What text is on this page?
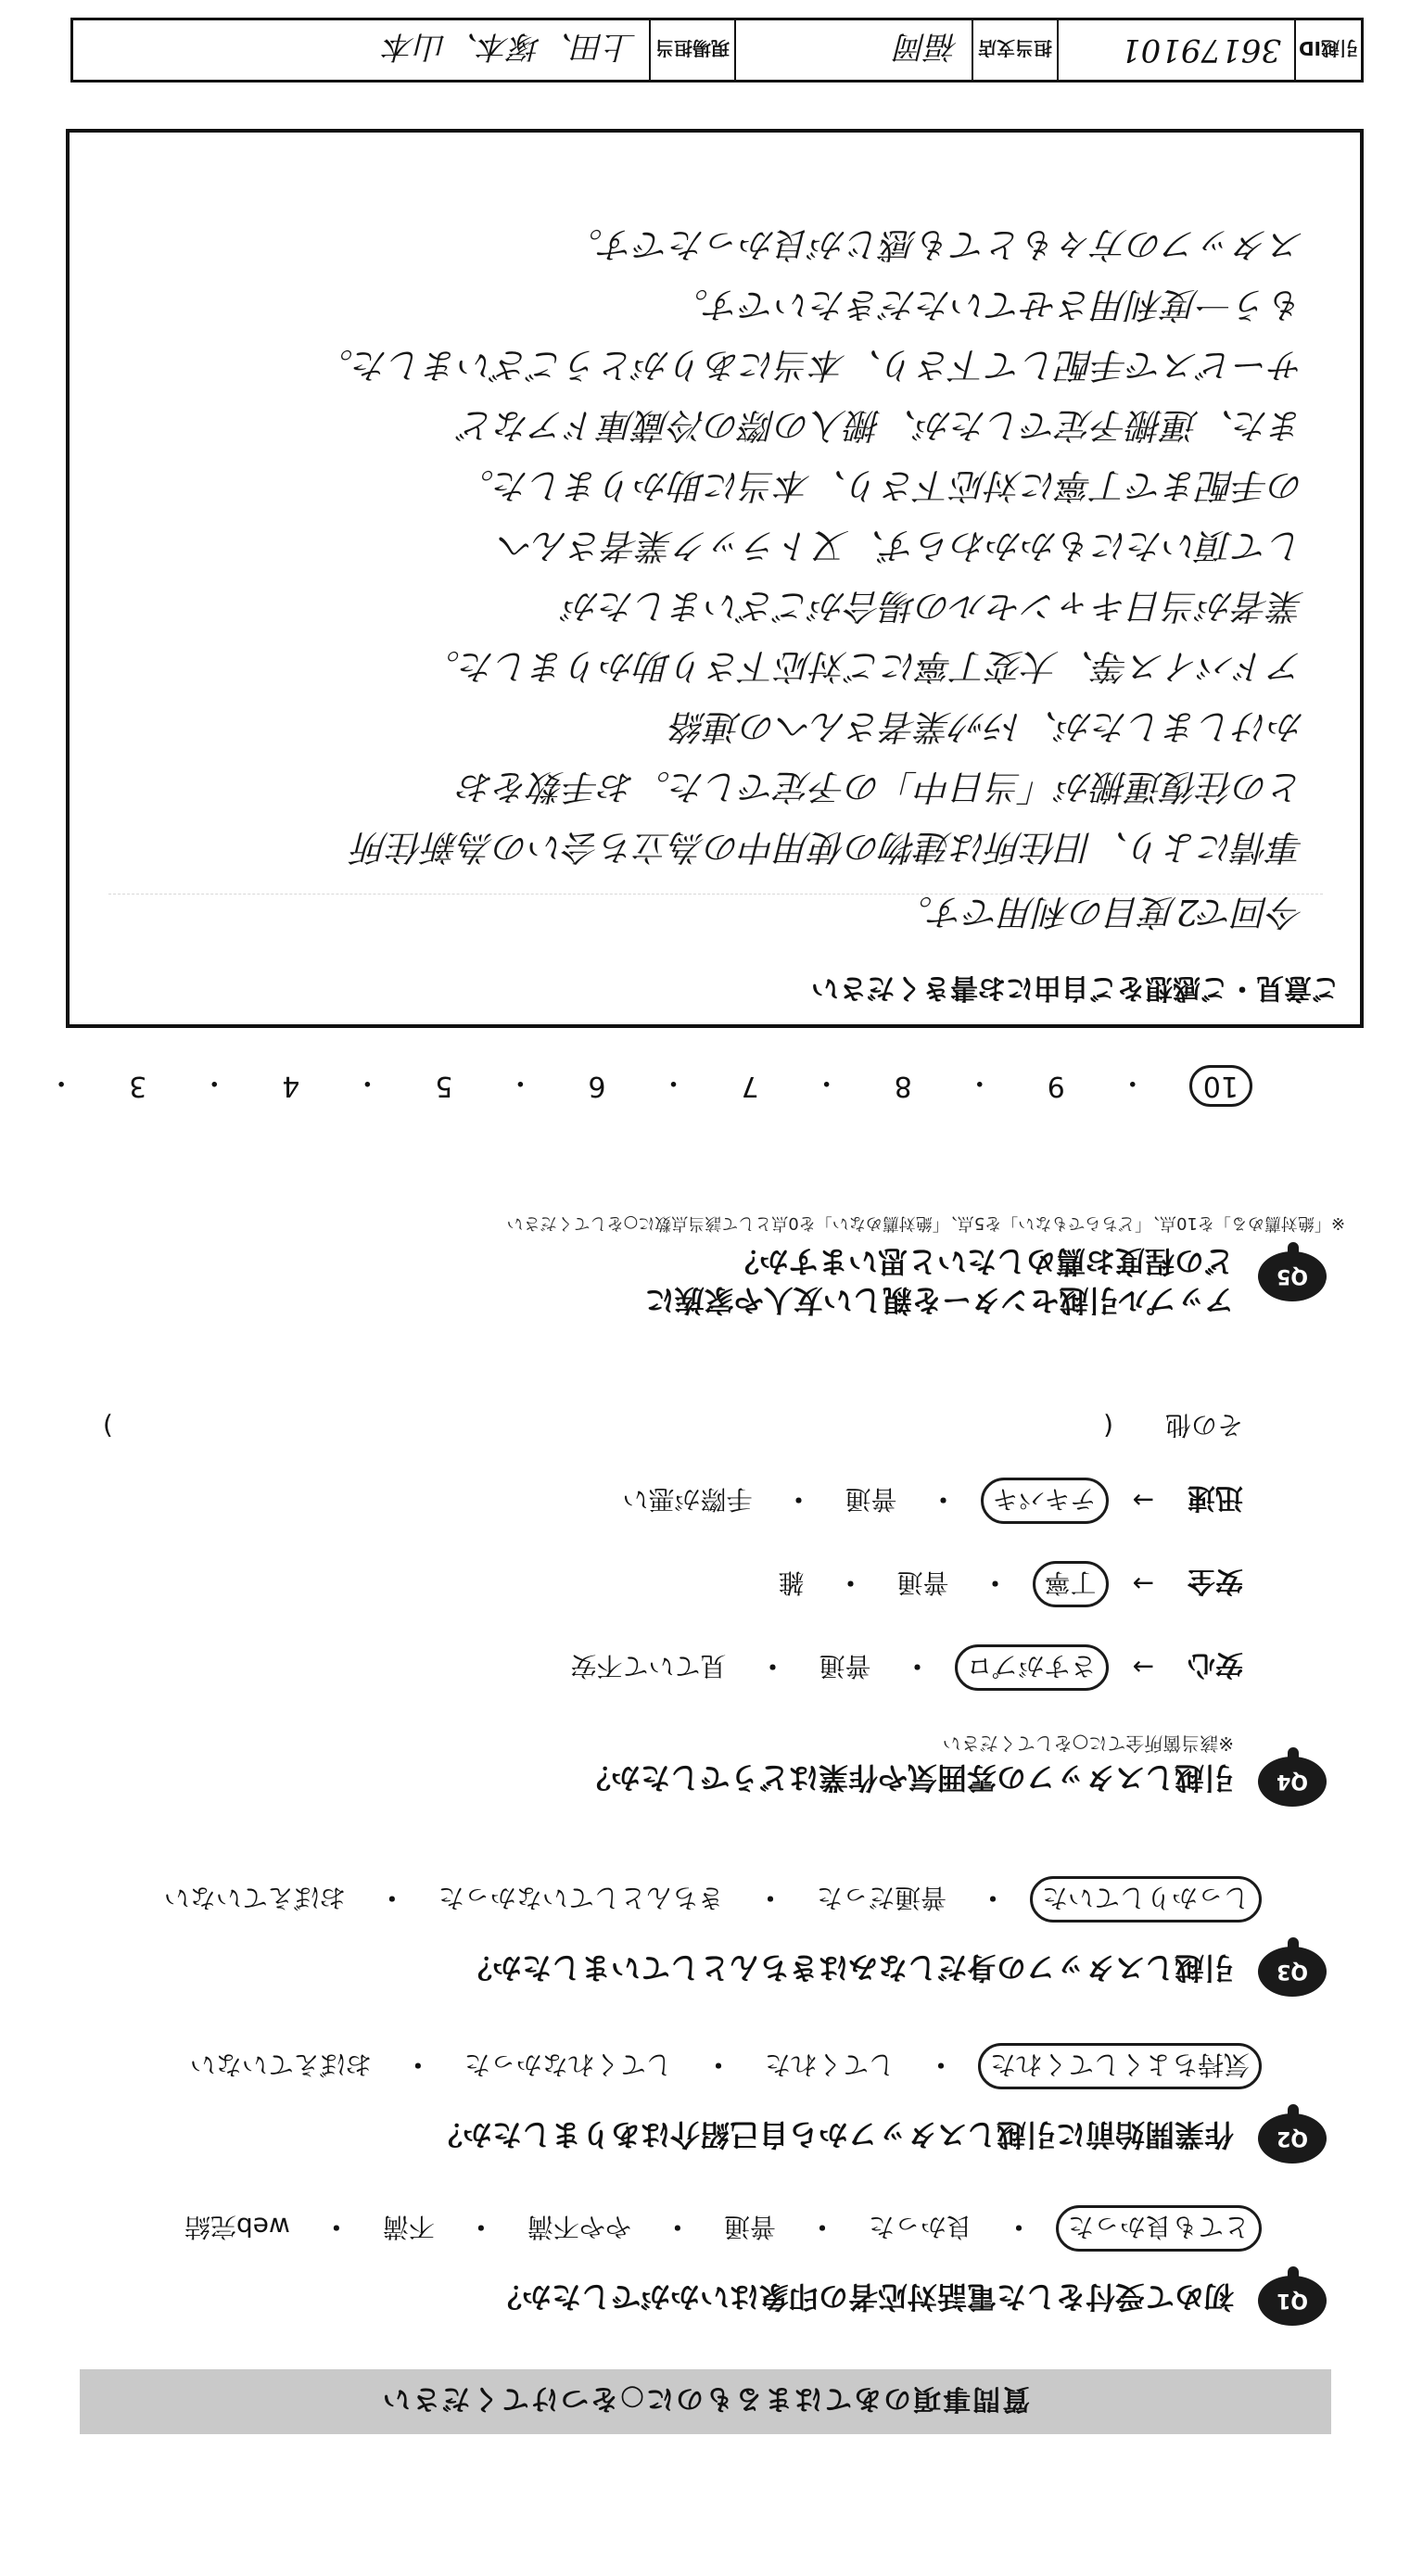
質問事項のあてはまるものに○をつけてください
Q1
初めて受付をした電話対応者の印象はいかがでしたか？
とても良かった
・
良かった
・
普通
・
やや不満
・
不満
・
web完結
Q2
作業開始前に引越しスタッフから自己紹介はありましたか？
気持ちよくしてくれた
・
してくれた
・
してくれなかった
・
おぼえていない
Q3
引越しスタッフの身だしなみはきちんとしていましたか？
しっかりしていた
・
普通だった
・
きちんとしていなかった
・
おぼえていない
Q4
引越しスタッフの雰囲気や作業はどうでしたか？
※該当箇所全てに○をしてください
安心
→
さすがプロ
・
普通
・
見ていて不安
安全
→
丁寧
・
普通
・
雑
迅速
→
テキパキ
・
普通
・
手際が悪い
その他
(
)
Q5
アップル引越センターを親しい友人や家族に
どの程度お薦めしたいと思いますか？
※「絶対薦める」を10点、「どちらでもない」を5点、「絶対薦めない」を0点として該当点数に○をしてください
10
・
9
・
8
・
7
・
6
・
5
・
4
・
3
・
ご意見・ご感想をご自由にお書きください
今回で2度目の利用です。
事情により、旧住所は建物の使用中の為立ち会いの為新住所
との往復運搬が「当日中」の予定でした。お手数をお
かけしましたが、ﾄﾗｯｸ業者さんへの連絡
アドバイス等、大変丁寧にご対応下さり助かりました。
業者が当日キャンセルの場合がございましたが
して頂いたにもかかわらず、又トラック業者さんへ
の手配まで丁寧に対応下さり、本当に助かりました。
また、運搬予定でしたが、搬入の際の冷蔵庫ドアなど
サービスで手配して下さり、本当にありがとうございました。
もう一度利用させていただきたいです。
スタッフの方々もとても感じが良かったです。
引越ID
36179101
担当支店
福岡
現場担当
上田、塚本、山本
